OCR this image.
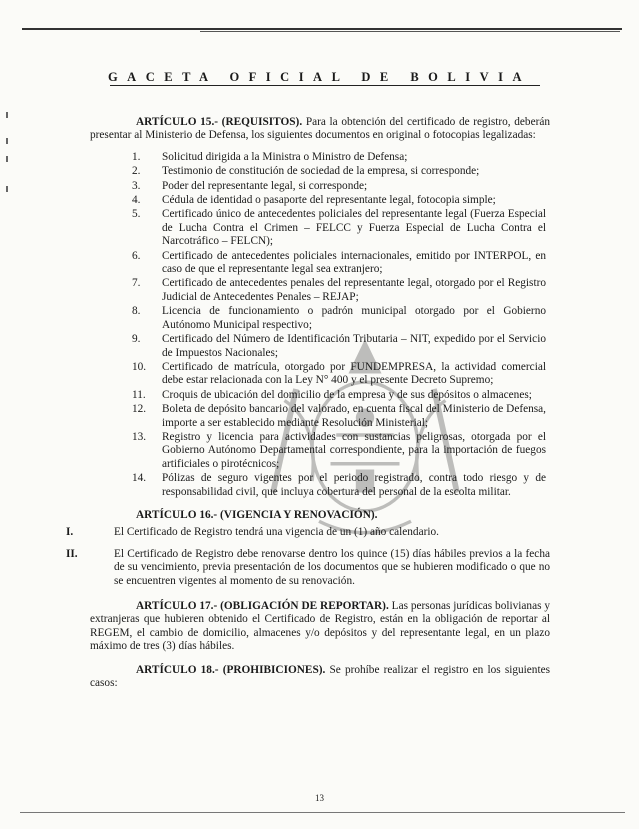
GACETA OFICIAL DE BOLIVIA

ARTÍCULO 15.- (REQUISITOS). Para la obtención del certificado de registro, deberán presentar al Ministerio de Defensa, los siguientes documentos en original o fotocopias legalizadas:

1.	Solicitud dirigida a la Ministra o Ministro de Defensa;
2.	Testimonio de constitución de sociedad de la empresa, si corresponde;
3.	Poder del representante legal, si corresponde;
4.	Cédula de identidad o pasaporte del representante legal, fotocopia simple;
5.	Certificado único de antecedentes policiales del representante legal (Fuerza Especial de Lucha Contra el Crimen – FELCC y Fuerza Especial de Lucha Contra el Narcotráfico – FELCN);
6.	Certificado de antecedentes policiales internacionales, emitido por INTERPOL, en caso de que el representante legal sea extranjero;
7.	Certificado de antecedentes penales del representante legal, otorgado por el Registro Judicial de Antecedentes Penales – REJAP;
8.	Licencia de funcionamiento o padrón municipal otorgado por el Gobierno Autónomo Municipal respectivo;
9.	Certificado del Número de Identificación Tributaria – NIT, expedido por el Servicio de Impuestos Nacionales;
10.	Certificado de matrícula, otorgado por FUNDEMPRESA, la actividad comercial debe estar relacionada con la Ley N° 400 y el presente Decreto Supremo;
11.	Croquis de ubicación del domicilio de la empresa y de sus depósitos o almacenes;
12.	Boleta de depósito bancario del valorado, en cuenta fiscal del Ministerio de Defensa, importe a ser establecido mediante Resolución Ministerial;
13.	Registro y licencia para actividades con sustancias peligrosas, otorgada por el Gobierno Autónomo Departamental correspondiente, para la importación de fuegos artificiales o pirotécnicos;
14.	Pólizas de seguro vigentes por el periodo registrado, contra todo riesgo y de responsabilidad civil, que incluya cobertura del personal de la escolta militar.

ARTÍCULO 16.- (VIGENCIA Y RENOVACIÓN).

I.	El Certificado de Registro tendrá una vigencia de un (1) año calendario.
II.	El Certificado de Registro debe renovarse dentro los quince (15) días hábiles previos a la fecha de su vencimiento, previa presentación de los documentos que se hubieren modificado o que no se encuentren vigentes al momento de su renovación.

ARTÍCULO 17.- (OBLIGACIÓN DE REPORTAR). Las personas jurídicas bolivianas y extranjeras que hubieren obtenido el Certificado de Registro, están en la obligación de reportar al REGEM, el cambio de domicilio, almacenes y/o depósitos y del representante legal, en un plazo máximo de tres (3) días hábiles.

ARTÍCULO 18.- (PROHIBICIONES). Se prohíbe realizar el registro en los siguientes casos:

13
